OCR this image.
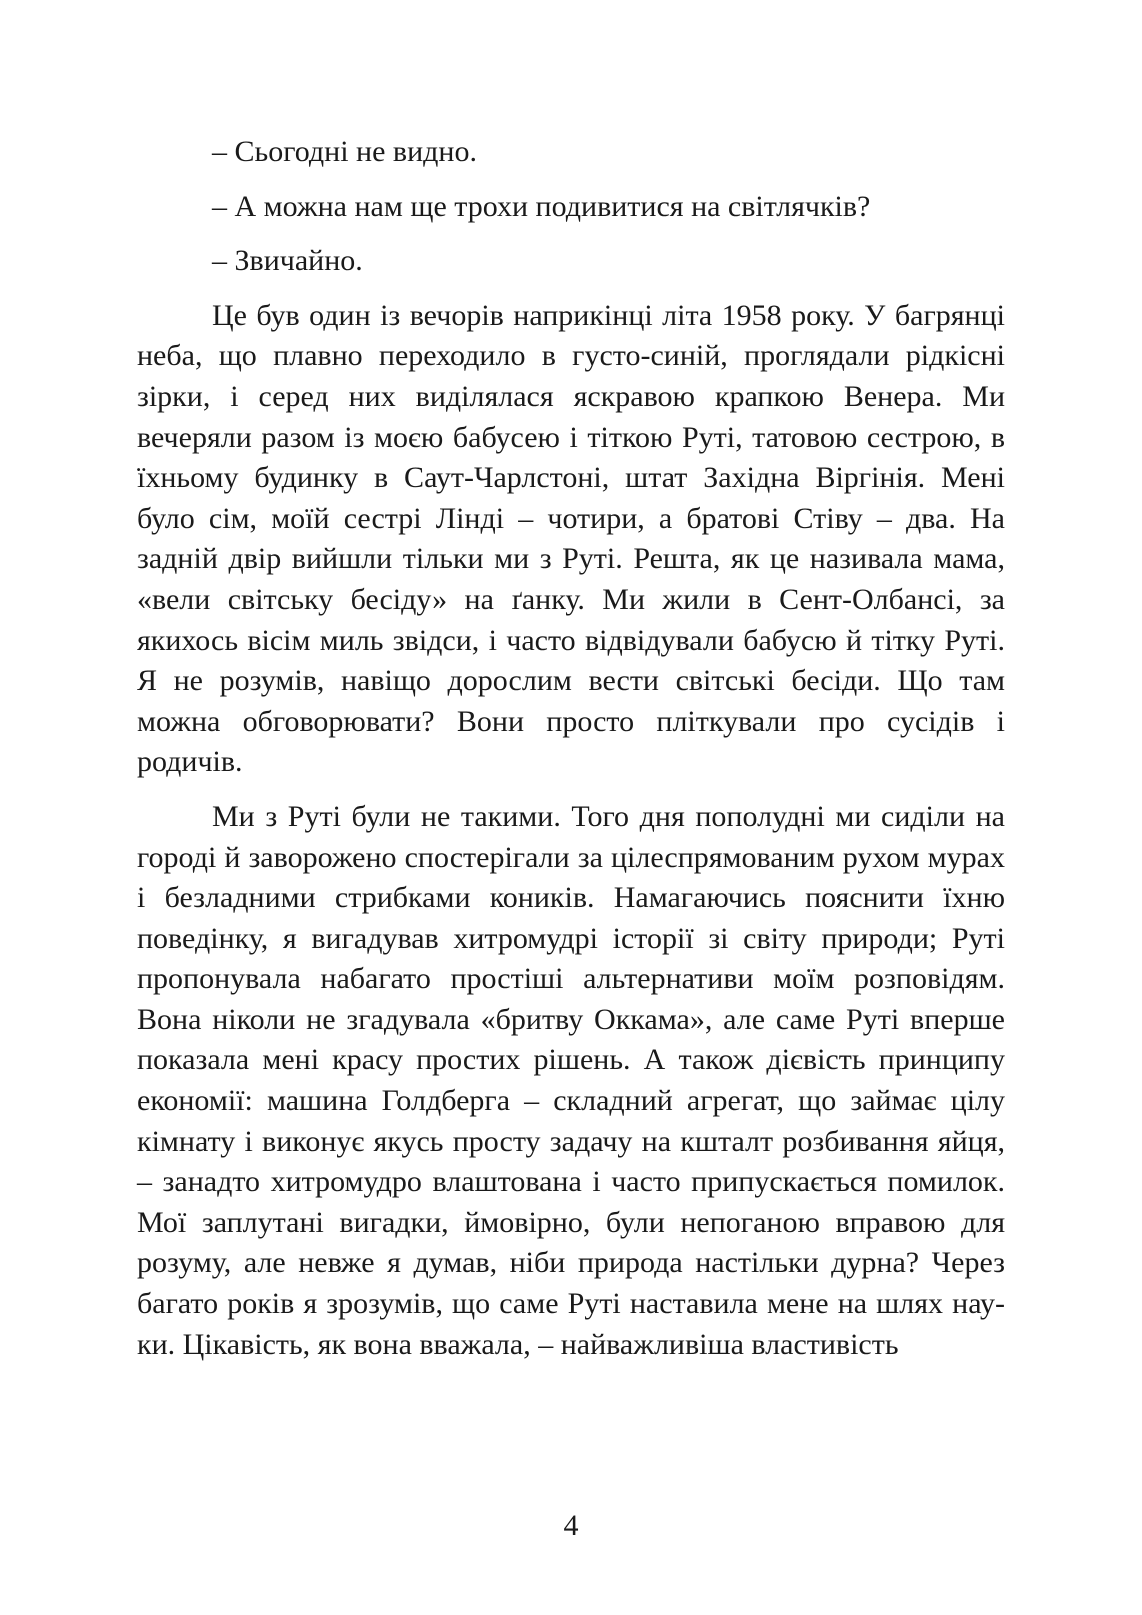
– Сьогодні не видно.

– А можна нам ще трохи подивитися на світлячків?

– Звичайно.

Це був один із вечорів наприкінці літа 1958 року. У багрянці неба, що плавно переходило в густо-синій, проглядали рідкісні зірки, і серед них виділялася яскравою крапкою Венера. Ми вечеряли разом із моєю бабусею і тіткою Руті, татовою сестрою, в їхньому будинку в Саут-Чарлстоні, штат Західна Віргінія. Мені було сім, моїй сестрі Лінді – чотири, а братові Стіву – два. На задній двір вийшли тільки ми з Руті. Решта, як це називала мама, «вели світську бесіду» на ґанку. Ми жили в Сент-Олбансі, за якихось вісім миль звідси, і часто відвідували бабусю й тітку Руті. Я не розумів, навіщо дорослим вести світські бесіди. Що там можна обговорювати? Вони просто пліткували про сусідів і родичів.

Ми з Руті були не такими. Того дня пополудні ми сиділи на городі й заворожено спостерігали за цілеспрямованим рухом мурах і безладними стрибками коників. Намагаючись пояснити їхню поведінку, я вигадував хитромудрі історії зі світу природи; Руті пропонувала набагато простіші альтернативи моїм розповідям. Вона ніколи не згадувала «бритву Оккама», але саме Руті вперше показала мені красу простих рішень. А також дієвість принципу економії: машина Голдберга – складний агрегат, що займає цілу кімнату і виконує якусь просту задачу на кшталт розбивання яйця, – занадто хитромудро влаштована і часто припускається помилок. Мої заплутані вигадки, ймовірно, були непоганою вправою для розуму, але невже я думав, ніби природа настільки дурна? Через багато років я зрозумів, що саме Руті наставила мене на шлях науки. Цікавість, як вона вважала, – найважливіша властивість

4
